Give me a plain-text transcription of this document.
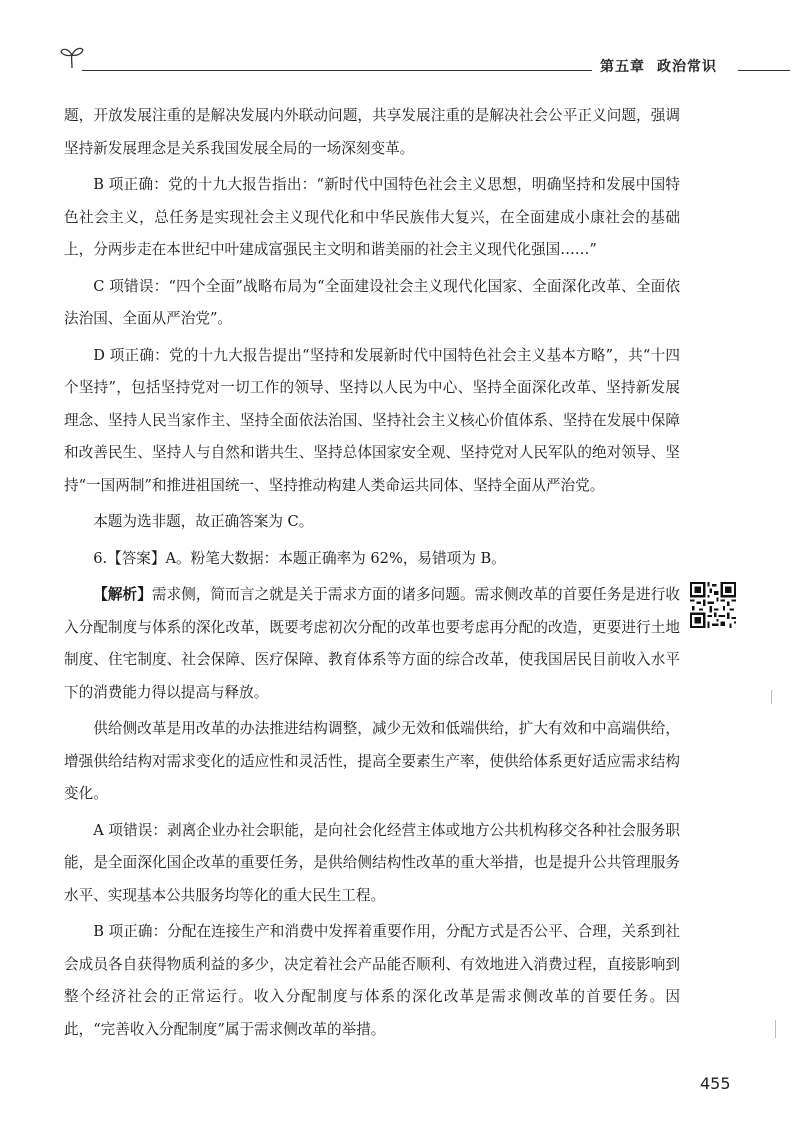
第五章 政治常识

题，开放发展注重的是解决发展内外联动问题，共享发展注重的是解决社会公平正义问题，强调坚持新发展理念是关系我国发展全局的一场深刻变革。

B 项正确：党的十九大报告指出：“新时代中国特色社会主义思想，明确坚持和发展中国特色社会主义，总任务是实现社会主义现代化和中华民族伟大复兴，在全面建成小康社会的基础上，分两步走在本世纪中叶建成富强民主文明和谐美丽的社会主义现代化强国……”

C 项错误：“四个全面”战略布局为“全面建设社会主义现代化国家、全面深化改革、全面依法治国、全面从严治党”。

D 项正确：党的十九大报告提出“坚持和发展新时代中国特色社会主义基本方略”，共“十四个坚持”，包括坚持党对一切工作的领导、坚持以人民为中心、坚持全面深化改革、坚持新发展理念、坚持人民当家作主、坚持全面依法治国、坚持社会主义核心价值体系、坚持在发展中保障和改善民生、坚持人与自然和谐共生、坚持总体国家安全观、坚持党对人民军队的绝对领导、坚持“一国两制”和推进祖国统一、坚持推动构建人类命运共同体、坚持全面从严治党。

本题为选非题，故正确答案为 C。

6.【答案】A。粉笔大数据：本题正确率为 62%，易错项为 B。

【解析】需求侧，简而言之就是关于需求方面的诸多问题。需求侧改革的首要任务是进行收入分配制度与体系的深化改革，既要考虑初次分配的改革也要考虑再分配的改造，更要进行土地制度、住宅制度、社会保障、医疗保障、教育体系等方面的综合改革，使我国居民目前收入水平下的消费能力得以提高与释放。

供给侧改革是用改革的办法推进结构调整，减少无效和低端供给，扩大有效和中高端供给，增强供给结构对需求变化的适应性和灵活性，提高全要素生产率，使供给体系更好适应需求结构变化。

A 项错误：剥离企业办社会职能，是向社会化经营主体或地方公共机构移交各种社会服务职能，是全面深化国企改革的重要任务，是供给侧结构性改革的重大举措，也是提升公共管理服务水平、实现基本公共服务均等化的重大民生工程。

B 项正确：分配在连接生产和消费中发挥着重要作用，分配方式是否公平、合理，关系到社会成员各自获得物质利益的多少，决定着社会产品能否顺利、有效地进入消费过程，直接影响到整个经济社会的正常运行。收入分配制度与体系的深化改革是需求侧改革的首要任务。因此，“完善收入分配制度”属于需求侧改革的举措。

455
